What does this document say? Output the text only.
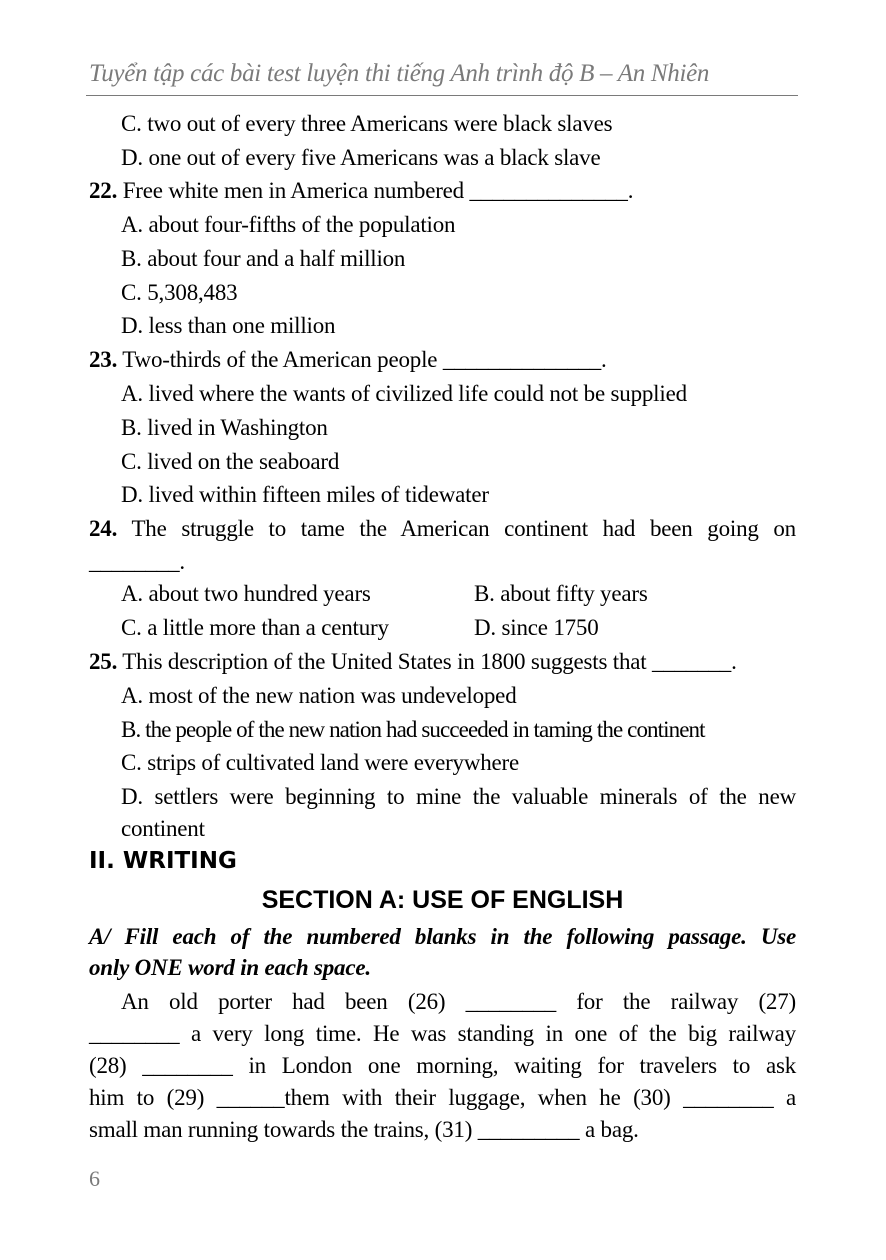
Tuyển tập các bài test luyện thi tiếng Anh trình độ B – An Nhiên
C. two out of every three Americans were black slaves
D. one out of every five Americans was a black slave
22. Free white men in America numbered ______________.
A. about four-fifths of the population
B. about four and a half million
C. 5,308,483
D. less than one million
23. Two-thirds of the American people ______________.
A. lived where the wants of civilized life could not be supplied
B. lived in Washington
C. lived on the seaboard
D. lived within fifteen miles of tidewater
24. The struggle to tame the American continent had been going on
________.
A. about two hundred years	B. about fifty years
C. a little more than a century	D. since 1750
25. This description of the United States in 1800 suggests that _______.
A. most of the new nation was undeveloped
B. the people of the new nation had succeeded in taming the continent
C. strips of cultivated land were everywhere
D. settlers were beginning to mine the valuable minerals of the new
continent
II. WRITING
SECTION A: USE OF ENGLISH
A/ Fill each of the numbered blanks in the following passage. Use
only ONE word in each space.
An old porter had been (26) ________ for the railway (27)
________ a very long time. He was standing in one of the big railway
(28) ________ in London one morning, waiting for travelers to ask
him to (29) ______them with their luggage, when he (30) ________ a
small man running towards the trains, (31) _________ a bag.
6
